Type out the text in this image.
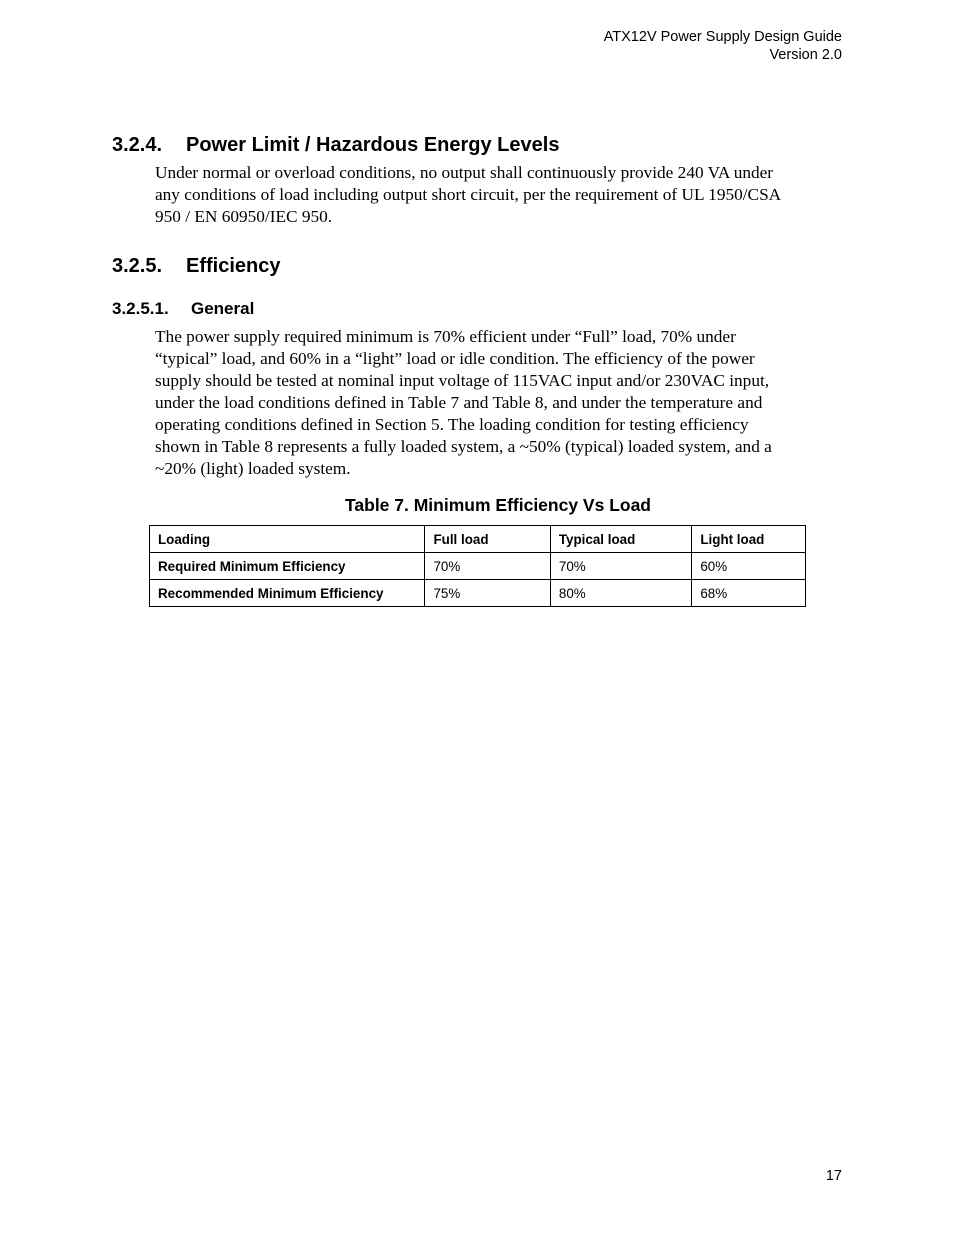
ATX12V Power Supply Design Guide
Version 2.0
3.2.4. Power Limit / Hazardous Energy Levels
Under normal or overload conditions, no output shall continuously provide 240 VA under
any conditions of load including output short circuit, per the requirement of UL 1950/CSA
950 / EN 60950/IEC 950.
3.2.5. Efficiency
3.2.5.1. General
The power supply required minimum is 70% efficient under “Full” load, 70% under
“typical” load, and 60% in a “light” load or idle condition. The efficiency of the power
supply should be tested at nominal input voltage of 115VAC input and/or 230VAC input,
under the load conditions defined in Table 7 and Table 8, and under the temperature and
operating conditions defined in Section 5. The loading condition for testing efficiency
shown in Table 8 represents a fully loaded system, a ~50% (typical) loaded system, and a
~20% (light) loaded system.
Table 7. Minimum Efficiency Vs Load
Loading	Full load	Typical load	Light load
Required Minimum Efficiency	70%	70%	60%
Recommended Minimum Efficiency	75%	80%	68%
17
